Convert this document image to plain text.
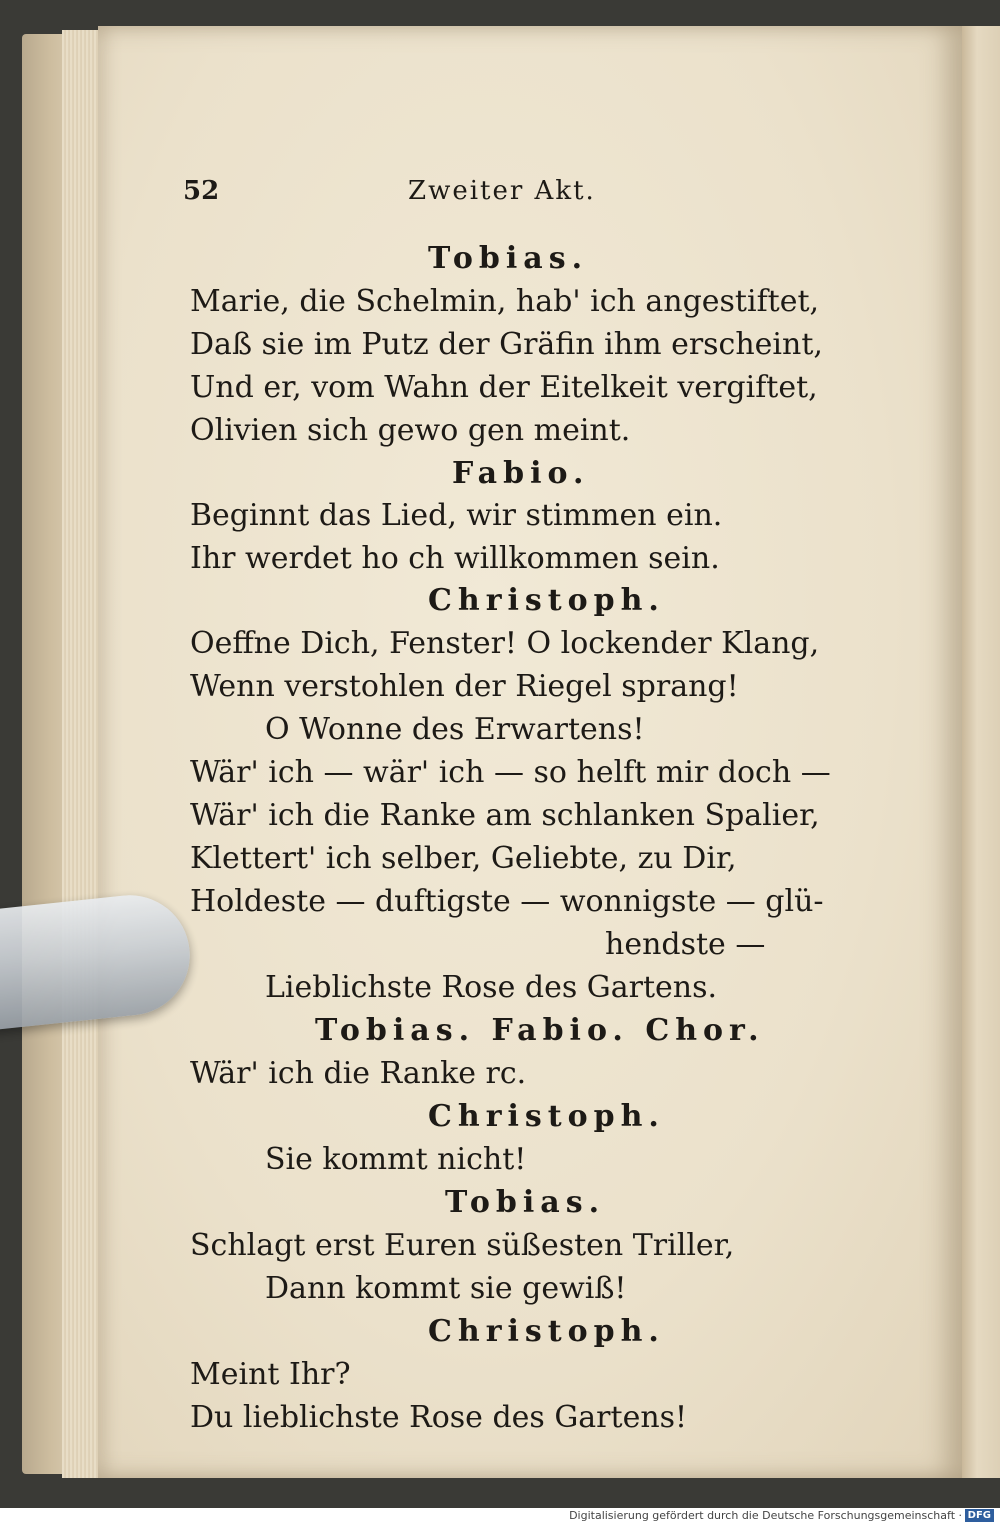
52	Zweiter Akt.
Tobias.
Marie, die Schelmin, hab' ich angestiftet,
Daß sie im Putz der Gräfin ihm erscheint,
Und er, vom Wahn der Eitelkeit vergiftet,
Olivien sich gewo gen meint.
Fabio.
Beginnt das Lied, wir stimmen ein.
Ihr werdet ho ch willkommen sein.
Christoph.
Oeffne Dich, Fenster! O lockender Klang,
Wenn verstohlen der Riegel sprang!
O Wonne des Erwartens!
Wär' ich — wär' ich — so helft mir doch —
Wär' ich die Ranke am schlanken Spalier,
Klettert' ich selber, Geliebte, zu Dir,
Holdeste — duftigste — wonnigste — glü-
hendste —
Lieblichste Rose des Gartens.
Tobias. Fabio. Chor.
Wär' ich die Ranke rc.
Christoph.
Sie kommt nicht!
Tobias.
Schlagt erst Euren süßesten Triller,
Dann kommt sie gewiß!
Christoph.
Meint Ihr?
Du lieblichste Rose des Gartens!
Digitalisierung gefördert durch die Deutsche Forschungsgemeinschaft · DFG
